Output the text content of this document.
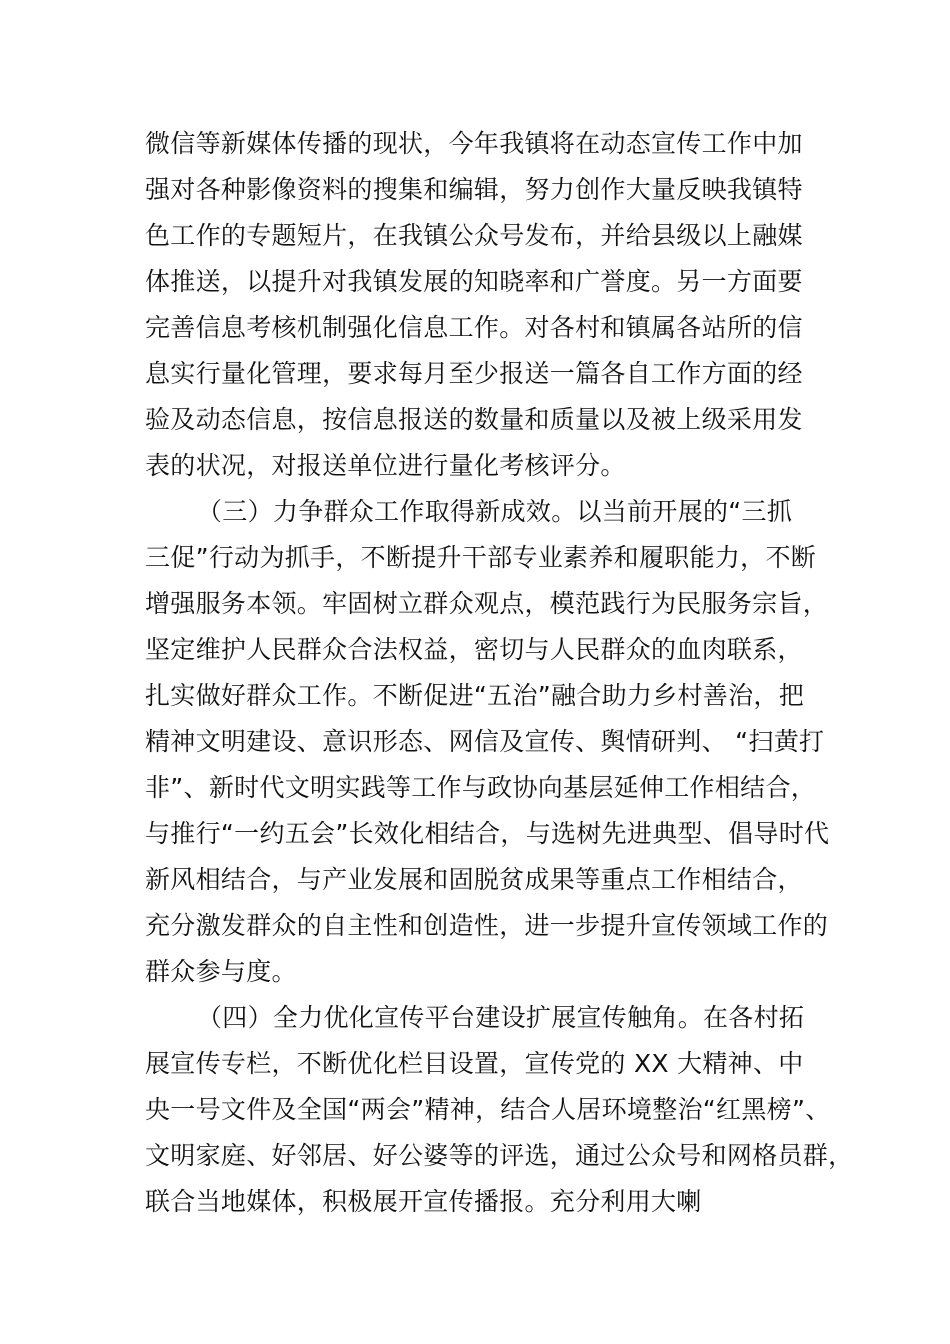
微信等新媒体传播的现状，今年我镇将在动态宣传工作中加
强对各种影像资料的搜集和编辑，努力创作大量反映我镇特
色工作的专题短片，在我镇公众号发布，并给县级以上融媒
体推送，以提升对我镇发展的知晓率和广誉度。另一方面要
完善信息考核机制强化信息工作。对各村和镇属各站所的信
息实行量化管理，要求每月至少报送一篇各自工作方面的经
验及动态信息，按信息报送的数量和质量以及被上级采用发
表的状况，对报送单位进行量化考核评分。
（三）力争群众工作取得新成效。以当前开展的“三抓
三促”行动为抓手，不断提升干部专业素养和履职能力，不断
增强服务本领。牢固树立群众观点，模范践行为民服务宗旨，
坚定维护人民群众合法权益，密切与人民群众的血肉联系，
扎实做好群众工作。不断促进“五治”融合助力乡村善治，把
精神文明建设、意识形态、网信及宣传、舆情研判、 “扫黄打
非”、新时代文明实践等工作与政协向基层延伸工作相结合，
与推行“一约五会”长效化相结合，与选树先进典型、倡导时代
新风相结合，与产业发展和固脱贫成果等重点工作相结合，
充分激发群众的自主性和创造性，进一步提升宣传领域工作的
群众参与度。
（四）全力优化宣传平台建设扩展宣传触角。在各村拓
展宣传专栏，不断优化栏目设置，宣传党的 XX 大精神、中
央一号文件及全国“两会”精神，结合人居环境整治“红黑榜”、
文明家庭、好邻居、好公婆等的评选，通过公众号和网格员群，
联合当地媒体，积极展开宣传播报。充分利用大喇
